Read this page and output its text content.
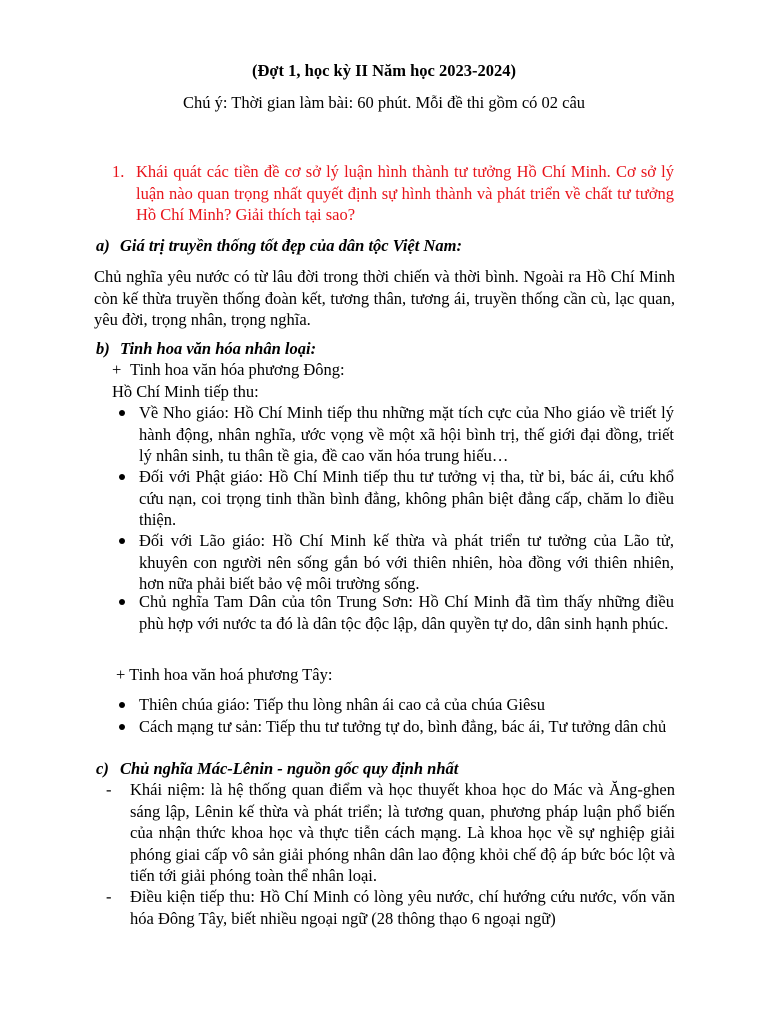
(Đợt 1, học kỳ II Năm học 2023-2024)
Chú ý: Thời gian làm bài: 60 phút. Mỗi đề thi gồm có 02 câu
1. Khái quát các tiền đề cơ sở lý luận hình thành tư tưởng Hồ Chí Minh. Cơ sở lý luận nào quan trọng nhất quyết định sự hình thành và phát triển về chất tư tưởng Hồ Chí Minh? Giải thích tại sao?
a) Giá trị truyền thống tốt đẹp của dân tộc Việt Nam:
Chủ nghĩa yêu nước có từ lâu đời trong thời chiến và thời bình. Ngoài ra Hồ Chí Minh còn kế thừa truyền thống đoàn kết, tương thân, tương ái, truyền thống cần cù, lạc quan, yêu đời, trọng nhân, trọng nghĩa.
b) Tinh hoa văn hóa nhân loại:
+ Tinh hoa văn hóa phương Đông:
Hồ Chí Minh tiếp thu:
Về Nho giáo: Hồ Chí Minh tiếp thu những mặt tích cực của Nho giáo về triết lý hành động, nhân nghĩa, ước vọng về một xã hội bình trị, thế giới đại đồng, triết lý nhân sinh, tu thân tề gia, đề cao văn hóa trung hiếu…
Đối với Phật giáo: Hồ Chí Minh tiếp thu tư tưởng vị tha, từ bi, bác ái, cứu khổ cứu nạn, coi trọng tinh thần bình đẳng, không phân biệt đẳng cấp, chăm lo điều thiện.
Đối với Lão giáo: Hồ Chí Minh kế thừa và phát triển tư tưởng của Lão tử, khuyên con người nên sống gắn bó với thiên nhiên, hòa đồng với thiên nhiên, hơn nữa phải biết bảo vệ môi trường sống.
Chủ nghĩa Tam Dân của tôn Trung Sơn: Hồ Chí Minh đã tìm thấy những điều phù hợp với nước ta đó là dân tộc độc lập, dân quyền tự do, dân sinh hạnh phúc.
+ Tinh hoa văn hoá phương Tây:
Thiên chúa giáo: Tiếp thu lòng nhân ái cao cả của chúa Giêsu
Cách mạng tư sản: Tiếp thu tư tưởng tự do, bình đẳng, bác ái, Tư tưởng dân chủ
c) Chủ nghĩa Mác-Lênin - nguồn gốc quy định nhất
- Khái niệm: là hệ thống quan điểm và học thuyết khoa học do Mác và Ăng-ghen sáng lập, Lênin kế thừa và phát triển; là tương quan, phương pháp luận phổ biến của nhận thức khoa học và thực tiễn cách mạng. Là khoa học về sự nghiệp giải phóng giai cấp vô sản giải phóng nhân dân lao động khỏi chế độ áp bức bóc lột và tiến tới giải phóng toàn thể nhân loại.
- Điều kiện tiếp thu: Hồ Chí Minh có lòng yêu nước, chí hướng cứu nước, vốn văn hóa Đông Tây, biết nhiều ngoại ngữ (28 thông thạo 6 ngoại ngữ)
